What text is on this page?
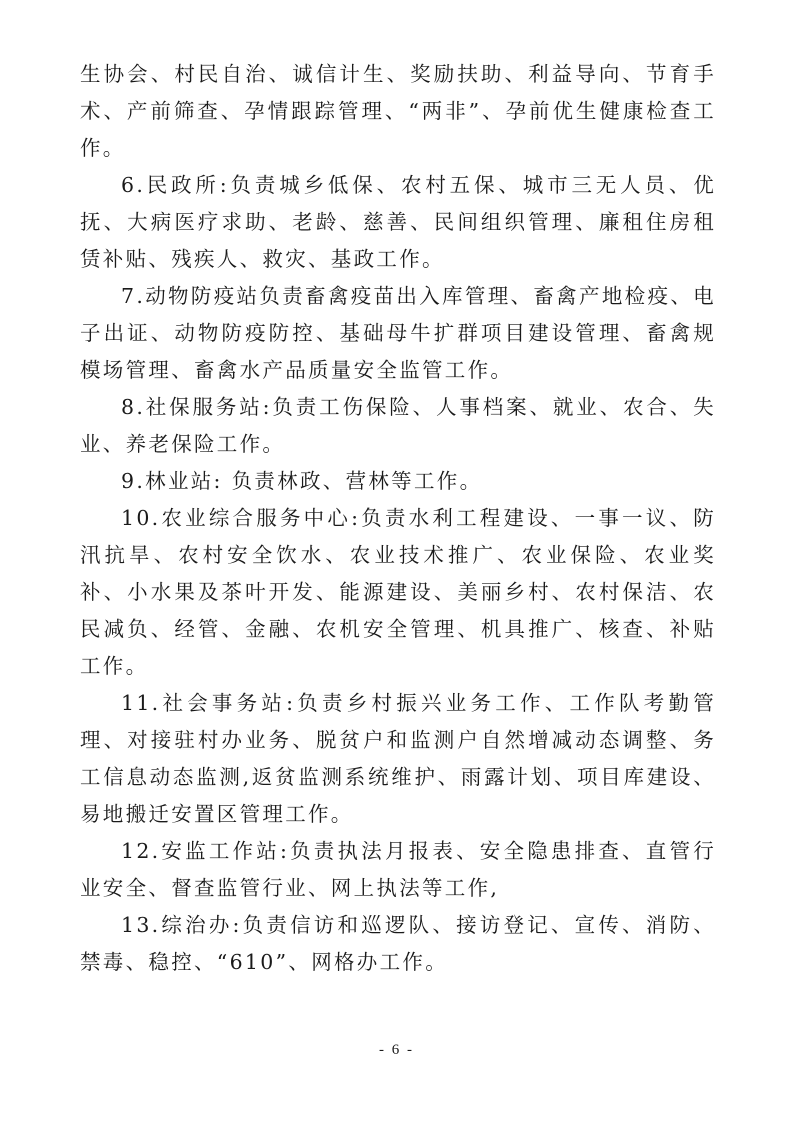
生协会、村民自治、诚信计生、奖励扶助、利益导向、节育手术、产前筛查、孕情跟踪管理、“两非”、孕前优生健康检查工作。

6.民政所:负责城乡低保、农村五保、城市三无人员、优抚、大病医疗求助、老龄、慈善、民间组织管理、廉租住房租赁补贴、残疾人、救灾、基政工作。

7.动物防疫站负责畜禽疫苗出入库管理、畜禽产地检疫、电子出证、动物防疫防控、基础母牛扩群项目建设管理、畜禽规模场管理、畜禽水产品质量安全监管工作。

8.社保服务站:负责工伤保险、人事档案、就业、农合、失业、养老保险工作。

9.林业站: 负责林政、营林等工作。

10.农业综合服务中心:负责水利工程建设、一事一议、防汛抗旱、农村安全饮水、农业技术推广、农业保险、农业奖补、小水果及茶叶开发、能源建设、美丽乡村、农村保洁、农民减负、经管、金融、农机安全管理、机具推广、核查、补贴工作。

11.社会事务站:负责乡村振兴业务工作、工作队考勤管理、对接驻村办业务、脱贫户和监测户自然增减动态调整、务工信息动态监测,返贫监测系统维护、雨露计划、项目库建设、易地搬迁安置区管理工作。

12.安监工作站:负责执法月报表、安全隐患排查、直管行业安全、督查监管行业、网上执法等工作,

13.综治办:负责信访和巡逻队、接访登记、宣传、消防、禁毒、稳控、“610”、网格办工作。

- 6 -
